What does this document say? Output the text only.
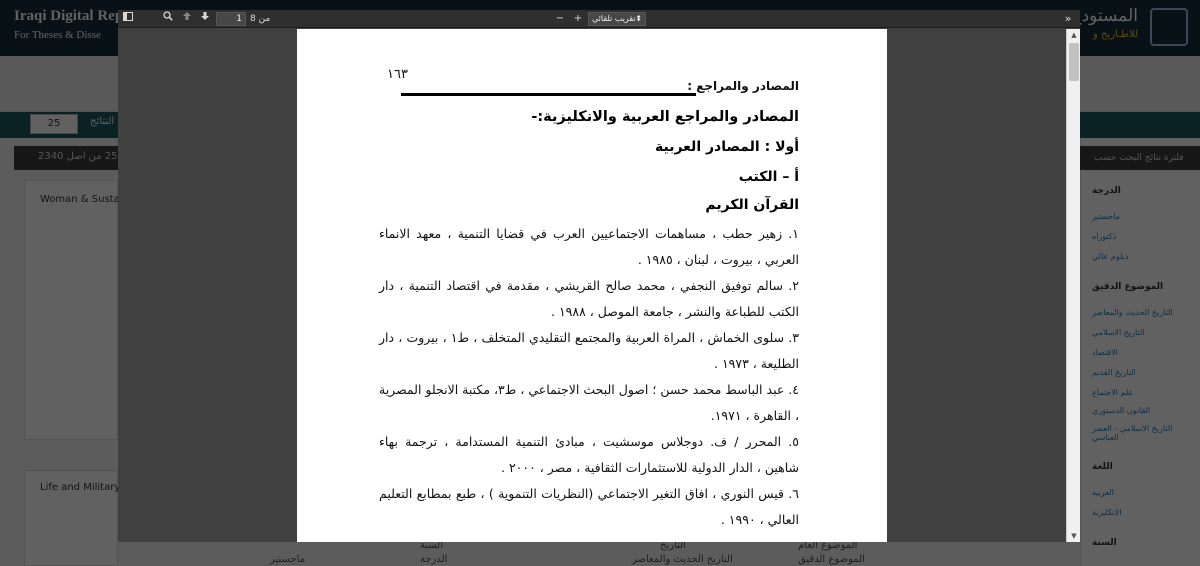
1 من 8	− +	تقريب تلقائي ⬍	»
١٦٣
المصادر والمراجع :
المصادر والمراجع العربية والانكليزية:-
أولا : المصادر العربية
أ – الكتب
القرآن الكريم
١. زهير حطب ، مساهمات الاجتماعيين العرب في قضايا التنمية ، معهد الانماء العربي ، بيروت ، لبنان ، ١٩٨٥ .
٢. سالم توفيق النجفي ، محمد صالح القريشي ، مقدمة في اقتصاد التنمية ، دار الكتب للطباعة والنشر ، جامعة الموصل ، ١٩٨٨ .
٣. سلوى الخماش ، المراة العربية والمجتمع التقليدي المتخلف ، ط١ ، بيروت ، دار الطليعة ، ١٩٧٣ .
٤. عبد الباسط محمد حسن ؛ اصول البحث الاجتماعي ، ط٣، مكتبة الانجلو المصرية ، القاهرة ، ١٩٧١.
٥. المحرر / ف. دوجلاس موسشيت ، مبادئ التنمية المستدامة ، ترجمة بهاء شاهين ، الدار الدولية للاستثمارات الثقافية ، مصر ، ٢٠٠٠ .
٦. قيس النوري ، افاق التغير الاجتماعي (النظريات التنموية ) ، طبع بمطابع التعليم العالي ، ١٩٩٠ .
▲
▼
